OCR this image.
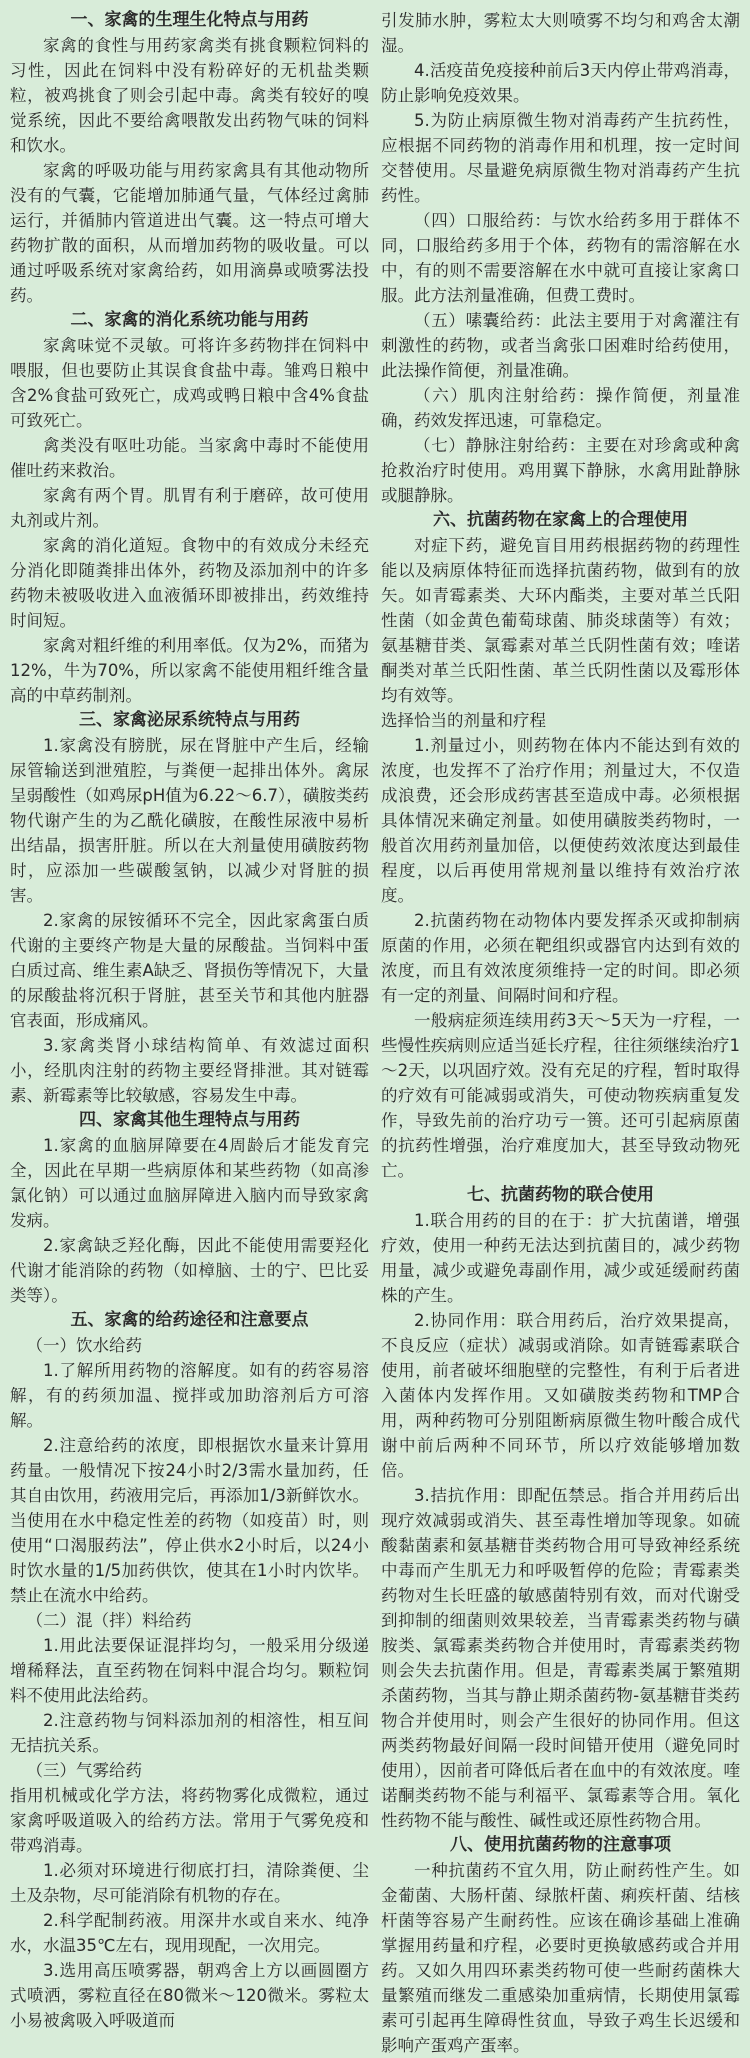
一、家禽的生理生化特点与用药

家禽的食性与用药家禽类有挑食颗粒饲料的习性，因此在饲料中没有粉碎好的无机盐类颗粒，被鸡挑食了则会引起中毒。禽类有较好的嗅觉系统，因此不要给禽喂散发出药物气味的饲料和饮水。

家禽的呼吸功能与用药家禽具有其他动物所没有的气囊，它能增加肺通气量，气体经过禽肺运行，并循肺内管道进出气囊。这一特点可增大药物扩散的面积，从而增加药物的吸收量。可以通过呼吸系统对家禽给药，如用滴鼻或喷雾法投药。

二、家禽的消化系统功能与用药

家禽味觉不灵敏。可将许多药物拌在饲料中喂服，但也要防止其误食食盐中毒。雏鸡日粮中含2%食盐可致死亡，成鸡或鸭日粮中含4%食盐可致死亡。

禽类没有呕吐功能。当家禽中毒时不能使用催吐药来救治。

家禽有两个胃。肌胃有利于磨碎，故可使用丸剂或片剂。

家禽的消化道短。食物中的有效成分未经充分消化即随粪排出体外，药物及添加剂中的许多药物未被吸收进入血液循环即被排出，药效维持时间短。

家禽对粗纤维的利用率低。仅为2%，而猪为12%，牛为70%，所以家禽不能使用粗纤维含量高的中草药制剂。

三、家禽泌尿系统特点与用药

1.家禽没有膀胱，尿在肾脏中产生后，经输尿管输送到泄殖腔，与粪便一起排出体外。禽尿呈弱酸性（如鸡尿pH值为6.22～6.7），磺胺类药物代谢产生的为乙酰化磺胺，在酸性尿液中易析出结晶，损害肝脏。所以在大剂量使用磺胺药物时，应添加一些碳酸氢钠，以减少对肾脏的损害。

2.家禽的尿铵循环不完全，因此家禽蛋白质代谢的主要终产物是大量的尿酸盐。当饲料中蛋白质过高、维生素A缺乏、肾损伤等情况下，大量的尿酸盐将沉积于肾脏，甚至关节和其他内脏器官表面，形成痛风。

3.家禽类肾小球结构简单、有效滤过面积小，经肌肉注射的药物主要经肾排泄。其对链霉素、新霉素等比较敏感，容易发生中毒。

四、家禽其他生理特点与用药

1.家禽的血脑屏障要在4周龄后才能发育完全，因此在早期一些病原体和某些药物（如高渗氯化钠）可以通过血脑屏障进入脑内而导致家禽发病。

2.家禽缺乏羟化酶，因此不能使用需要羟化代谢才能消除的药物（如樟脑、士的宁、巴比妥类等）。

五、家禽的给药途径和注意要点

（一）饮水给药

1.了解所用药物的溶解度。如有的药容易溶解，有的药须加温、搅拌或加助溶剂后方可溶解。

2.注意给药的浓度，即根据饮水量来计算用药量。一般情况下按24小时2/3需水量加药，任其自由饮用，药液用完后，再添加1/3新鲜饮水。当使用在水中稳定性差的药物（如疫苗）时，则使用“口渴服药法”，停止供水2小时后，以24小时饮水量的1/5加药供饮，使其在1小时内饮毕。禁止在流水中给药。

（二）混（拌）料给药

1.用此法要保证混拌均匀，一般采用分级递增稀释法，直至药物在饲料中混合均匀。颗粒饲料不使用此法给药。

2.注意药物与饲料添加剂的相溶性，相互间无拮抗关系。

（三）气雾给药

指用机械或化学方法，将药物雾化成微粒，通过家禽呼吸道吸入的给药方法。常用于气雾免疫和带鸡消毒。

1.必须对环境进行彻底打扫，清除粪便、尘土及杂物，尽可能消除有机物的存在。

2.科学配制药液。用深井水或自来水、纯净水，水温35℃左右，现用现配，一次用完。

3.选用高压喷雾器，朝鸡舍上方以画圆圈方式喷洒，雾粒直径在80微米～120微米。雾粒太小易被禽吸入呼吸道而

引发肺水肿，雾粒太大则喷雾不均匀和鸡舍太潮湿。

4.活疫苗免疫接种前后3天内停止带鸡消毒，防止影响免疫效果。

5.为防止病原微生物对消毒药产生抗药性，应根据不同药物的消毒作用和机理，按一定时间交替使用。尽量避免病原微生物对消毒药产生抗药性。

（四）口服给药：与饮水给药多用于群体不同，口服给药多用于个体，药物有的需溶解在水中，有的则不需要溶解在水中就可直接让家禽口服。此方法剂量准确，但费工费时。

（五）嗉囊给药：此法主要用于对禽灌注有刺激性的药物，或者当禽张口困难时给药使用，此法操作简便，剂量准确。

（六）肌肉注射给药：操作简便，剂量准确，药效发挥迅速，可靠稳定。

（七）静脉注射给药：主要在对珍禽或种禽抢救治疗时使用。鸡用翼下静脉，水禽用趾静脉或腿静脉。

六、抗菌药物在家禽上的合理使用

对症下药，避免盲目用药根据药物的药理性能以及病原体特征而选择抗菌药物，做到有的放矢。如青霉素类、大环内酯类，主要对革兰氏阳性菌（如金黄色葡萄球菌、肺炎球菌等）有效；氨基糖苷类、氯霉素对革兰氏阴性菌有效；喹诺酮类对革兰氏阳性菌、革兰氏阴性菌以及霉形体均有效等。

选择恰当的剂量和疗程

1.剂量过小，则药物在体内不能达到有效的浓度，也发挥不了治疗作用；剂量过大，不仅造成浪费，还会形成药害甚至造成中毒。必须根据具体情况来确定剂量。如使用磺胺类药物时，一般首次用药剂量加倍，以便使药效浓度达到最佳程度，以后再使用常规剂量以维持有效治疗浓度。

2.抗菌药物在动物体内要发挥杀灭或抑制病原菌的作用，必须在靶组织或器官内达到有效的浓度，而且有效浓度须维持一定的时间。即必须有一定的剂量、间隔时间和疗程。

一般病症须连续用药3天～5天为一疗程，一些慢性疾病则应适当延长疗程，往往须继续治疗1～2天，以巩固疗效。没有充足的疗程，暂时取得的疗效有可能减弱或消失，可使动物疾病重复发作，导致先前的治疗功亏一篑。还可引起病原菌的抗药性增强，治疗难度加大，甚至导致动物死亡。

七、抗菌药物的联合使用

1.联合用药的目的在于：扩大抗菌谱，增强疗效，使用一种药无法达到抗菌目的，减少药物用量，减少或避免毒副作用，减少或延缓耐药菌株的产生。

2.协同作用：联合用药后，治疗效果提高，不良反应（症状）减弱或消除。如青链霉素联合使用，前者破坏细胞壁的完整性，有利于后者进入菌体内发挥作用。又如磺胺类药物和TMP合用，两种药物可分别阻断病原微生物叶酸合成代谢中前后两种不同环节，所以疗效能够增加数倍。

3.拮抗作用：即配伍禁忌。指合并用药后出现疗效减弱或消失、甚至毒性增加等现象。如硫酸黏菌素和氨基糖苷类药物合用可导致神经系统中毒而产生肌无力和呼吸暂停的危险；青霉素类药物对生长旺盛的敏感菌特别有效，而对代谢受到抑制的细菌则效果较差，当青霉素类药物与磺胺类、氯霉素类药物合并使用时，青霉素类药物则会失去抗菌作用。但是，青霉素类属于繁殖期杀菌药物，当其与静止期杀菌药物-氨基糖苷类药物合并使用时，则会产生很好的协同作用。但这两类药物最好间隔一段时间错开使用（避免同时使用），因前者可降低后者在血中的有效浓度。喹诺酮类药物不能与利福平、氯霉素等合用。氧化性药物不能与酸性、碱性或还原性药物合用。

八、使用抗菌药物的注意事项

一种抗菌药不宜久用，防止耐药性产生。如金葡菌、大肠杆菌、绿脓杆菌、痢疾杆菌、结核杆菌等容易产生耐药性。应该在确诊基础上准确掌握用药量和疗程，必要时更换敏感药或合并用药。又如久用四环素类药物可使一些耐药菌株大量繁殖而继发二重感染加重病情，长期使用氯霉素可引起再生障碍性贫血，导致子鸡生长迟缓和影响产蛋鸡产蛋率。
